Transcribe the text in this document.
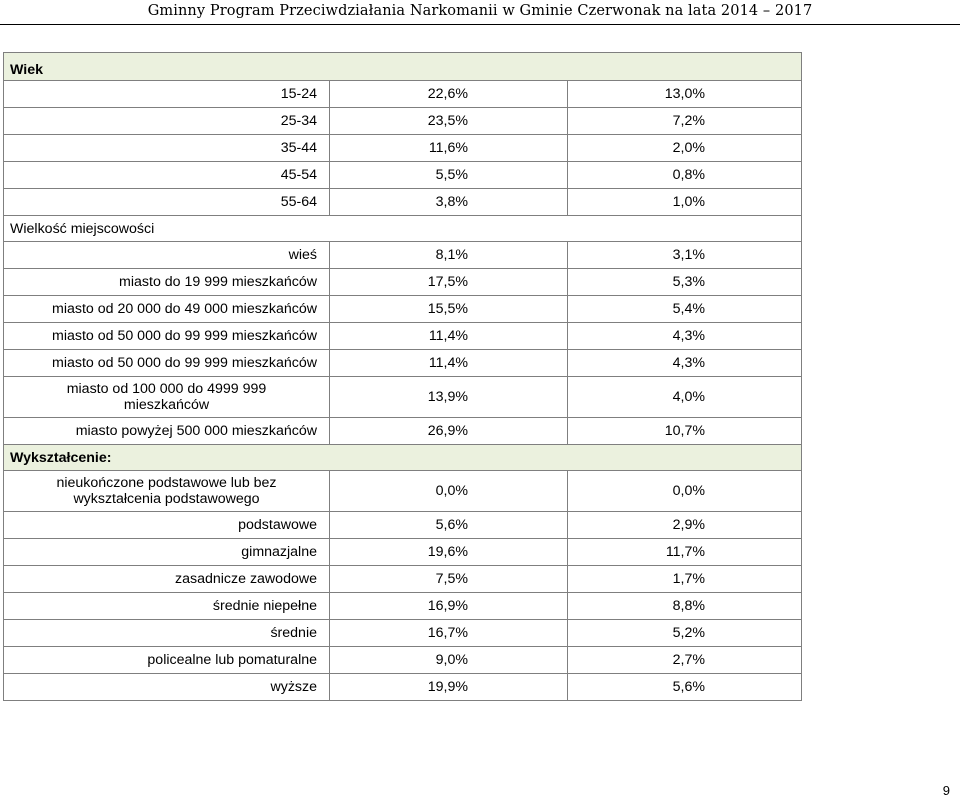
Gminny Program Przeciwdziałania Narkomanii w Gminie Czerwonak na lata 2014 – 2017
Wiek		
15-24	22,6%	13,0%
25-34	23,5%	7,2%
35-44	11,6%	2,0%
45-54	5,5%	0,8%
55-64	3,8%	1,0%
Wielkość miejscowości		
wieś	8,1%	3,1%
miasto do 19 999 mieszkańców	17,5%	5,3%
miasto od 20 000 do 49 000 mieszkańców	15,5%	5,4%
miasto od 50 000 do 99 999 mieszkańców	11,4%	4,3%
miasto od 50 000 do 99 999 mieszkańców	11,4%	4,3%
miasto od 100 000 do 4999 999 mieszkańców	13,9%	4,0%
miasto powyżej 500 000 mieszkańców	26,9%	10,7%
Wykształcenie:		
nieukończone podstawowe lub bez wykształcenia podstawowego	0,0%	0,0%
podstawowe	5,6%	2,9%
gimnazjalne	19,6%	11,7%
zasadnicze zawodowe	7,5%	1,7%
średnie niepełne	16,9%	8,8%
średnie	16,7%	5,2%
policealne lub pomaturalne	9,0%	2,7%
wyższe	19,9%	5,6%
9
